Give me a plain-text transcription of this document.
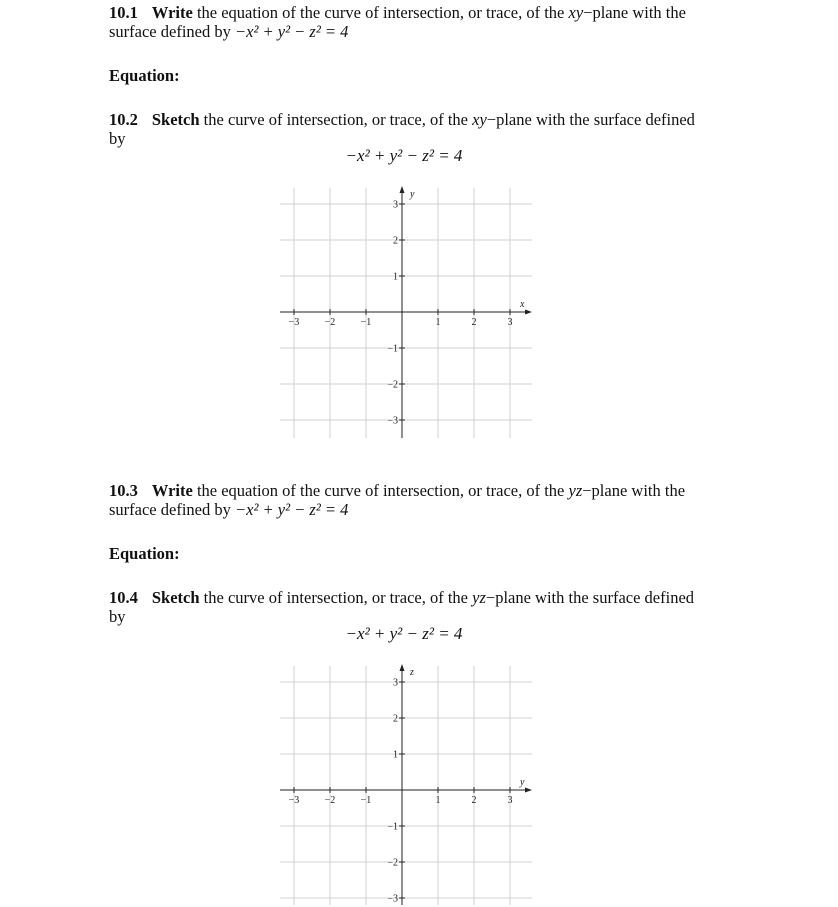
10.1 Write the equation of the curve of intersection, or trace, of the xy−plane with the surface defined by −x² + y² − z² = 4
Equation:
10.2 Sketch the curve of intersection, or trace, of the xy−plane with the surface defined by
−x² + y² − z² = 4
x
y
−3	−2	−1	1	2	3
3
2
1
−1
−2
−3
10.3 Write the equation of the curve of intersection, or trace, of the yz−plane with the surface defined by −x² + y² − z² = 4
Equation:
10.4 Sketch the curve of intersection, or trace, of the yz−plane with the surface defined by
−x² + y² − z² = 4
y
z
−3	−2	−1	1	2	3
3
2
1
−1
−2
−3
